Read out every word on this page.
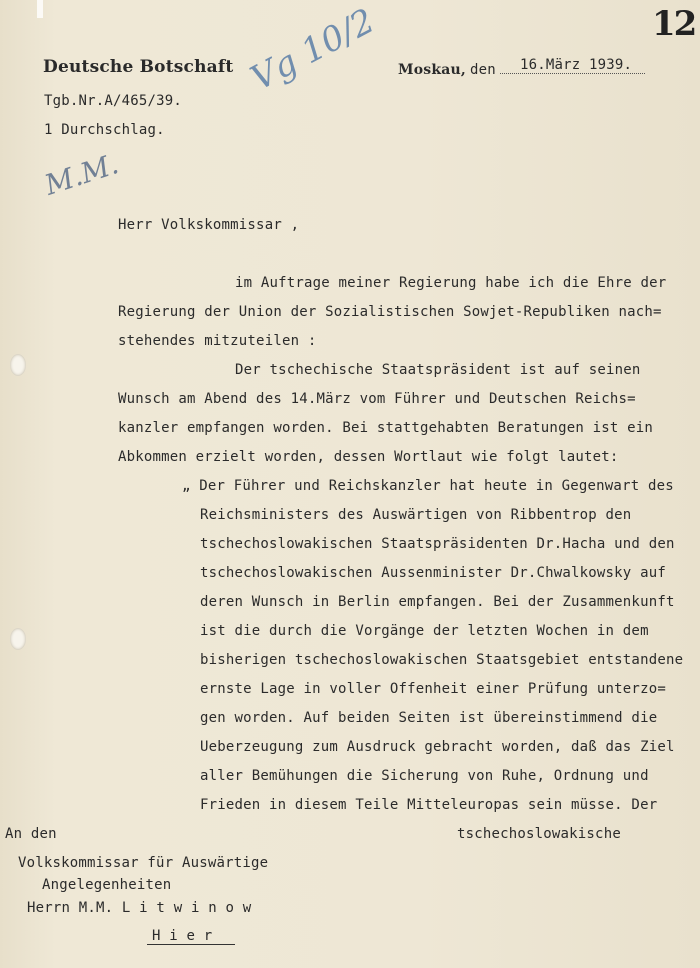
12
Deutsche Botschaft
Tgb.Nr.A/465/39.
1 Durchschlag.
Moskau, den 16.März 1939.
Vg 10/2
M.M.
Herr Volkskommissar ,
im Auftrage meiner Regierung habe ich die Ehre der
Regierung der Union der Sozialistischen Sowjet-Republiken nach=
stehendes mitzuteilen :
Der tschechische Staatspräsident ist auf seinen
Wunsch am Abend des 14.März vom Führer und Deutschen Reichs=
kanzler empfangen worden. Bei stattgehabten Beratungen ist ein
Abkommen erzielt worden, dessen Wortlaut wie folgt lautet:
„ Der Führer und Reichskanzler hat heute in Gegenwart des
Reichsministers des Auswärtigen von Ribbentrop den
tschechoslowakischen Staatspräsidenten Dr.Hacha und den
tschechoslowakischen Aussenminister Dr.Chwalkowsky auf
deren Wunsch in Berlin empfangen. Bei der Zusammenkunft
ist die durch die Vorgänge der letzten Wochen in dem
bisherigen tschechoslowakischen Staatsgebiet entstandene
ernste Lage in voller Offenheit einer Prüfung unterzo=
gen worden. Auf beiden Seiten ist übereinstimmend die
Ueberzeugung zum Ausdruck gebracht worden, daß das Ziel
aller Bemühungen die Sicherung von Ruhe, Ordnung und
Frieden in diesem Teile Mitteleuropas sein müsse. Der
tschechoslowakische
An den
Volkskommissar für Auswärtige
Angelegenheiten
Herrn M.M. L i t w i n o w
H i e r
